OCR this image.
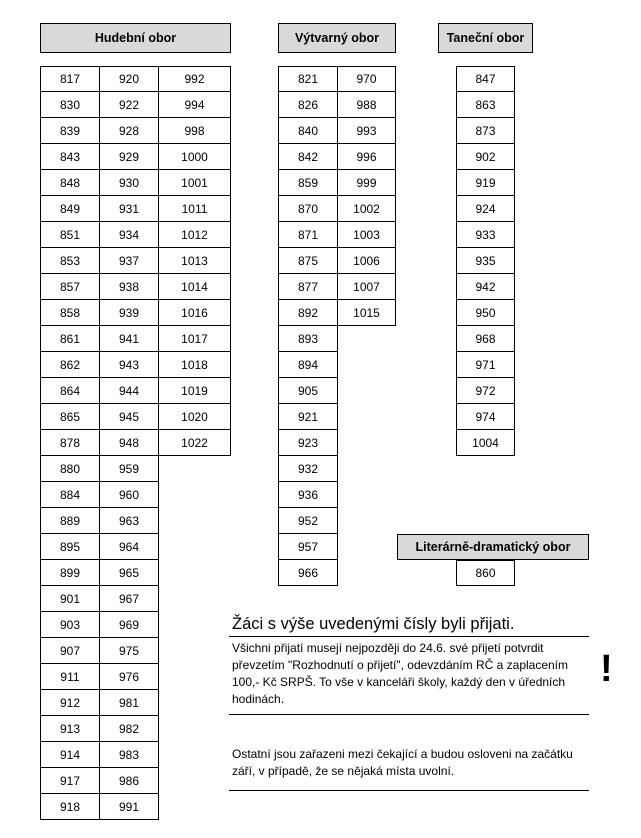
Hudební obor	Výtvarný obor	Taneční obor
Literárně-dramatický obor
817
830
839
843
848
849
851
853
857
858
861
862
864
865
878
880
884
889
895
899
901
903
907
911
912
913
914
917
918
920
922
928
929
930
931
934
937
938
939
941
943
944
945
948
959
960
963
964
965
967
969
975
976
981
982
983
986
991
992
994
998
1000
1001
1011
1012
1013
1014
1016
1017
1018
1019
1020
1022
821
826
840
842
859
870
871
875
877
892
893
894
905
921
923
932
936
952
957
966
970
988
993
996
999
1002
1003
1006
1007
1015
847
863
873
902
919
924
933
935
942
950
968
971
972
974
1004
860
Žáci s výše uvedenými čísly byli přijati.
Všichni přijatí musejí nejpozději do 24.6. své přijetí potvrdit převzetím "Rozhodnutí o přijetí", odevzdáním RČ a zaplacením 100,- Kč SRPŠ. To vše v kanceláři školy, každý den v úředních hodinách.
Ostatní jsou zařazeni mezi čekající a budou osloveni na začátku září, v případě, že se nějaká místa uvolní.
!
